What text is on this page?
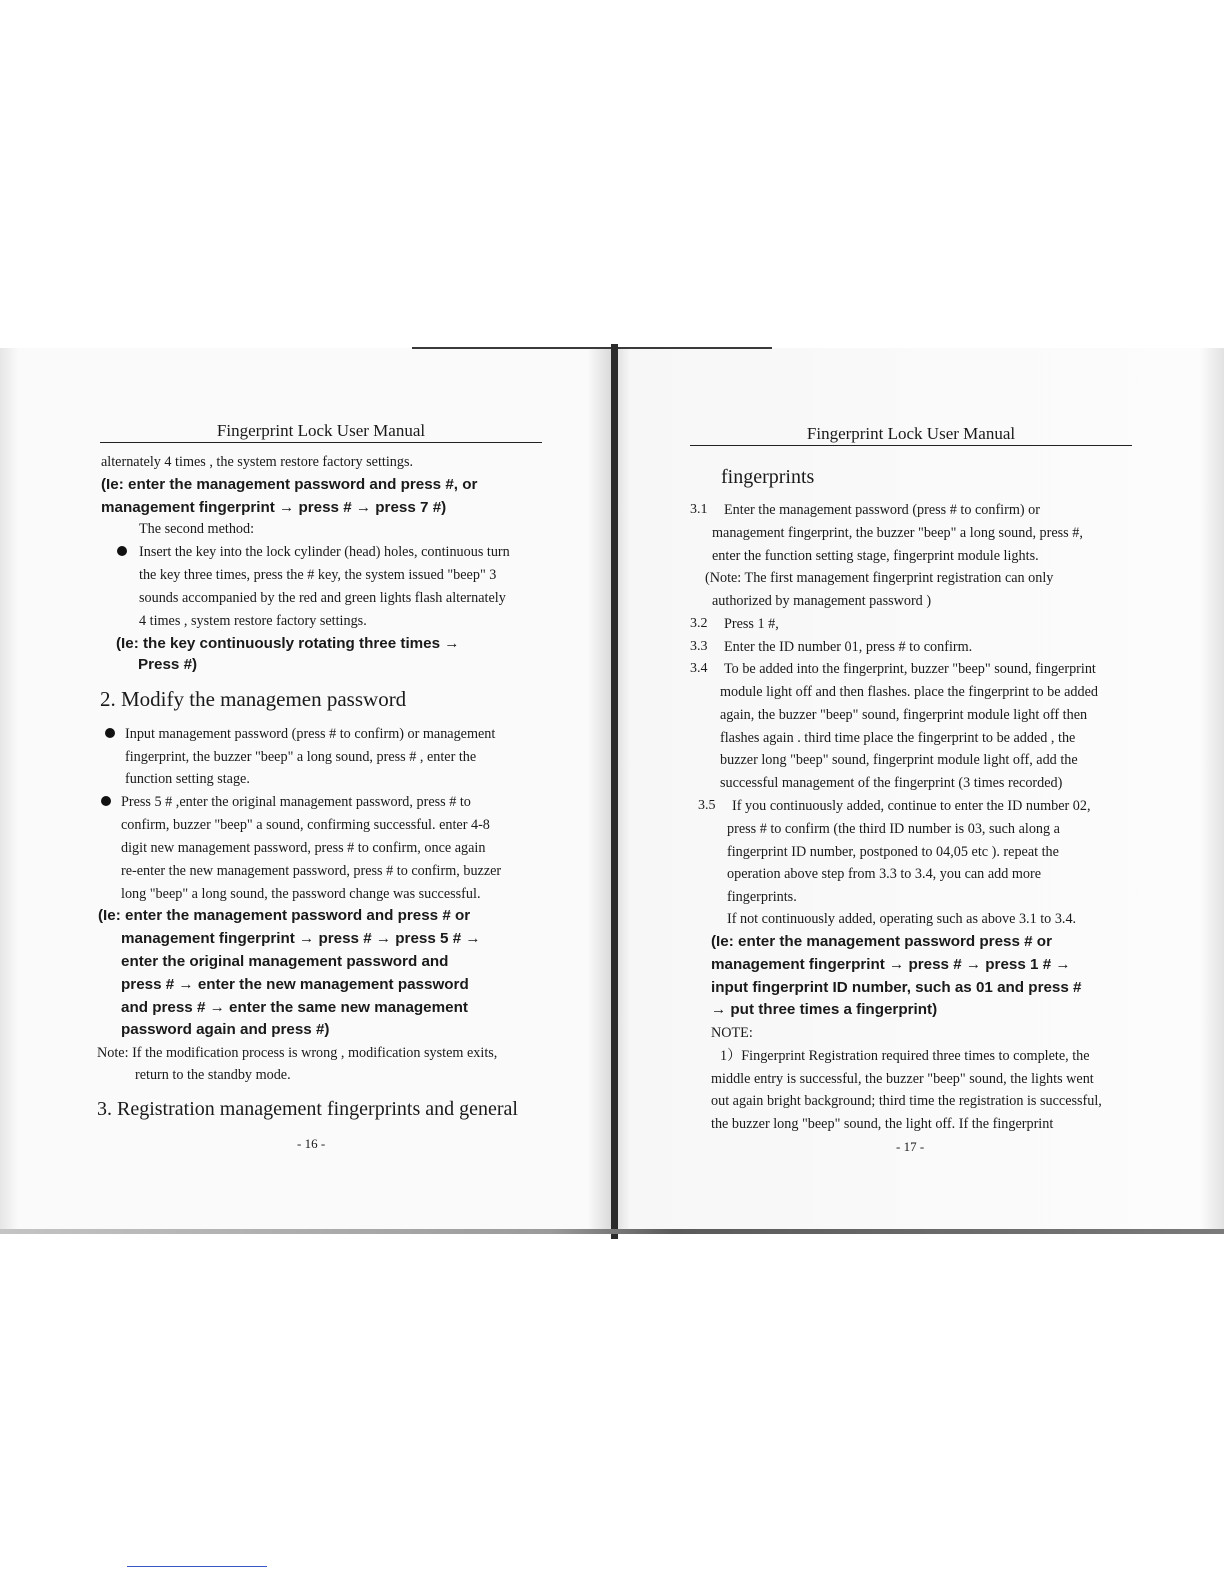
Fingerprint Lock User Manual
alternately 4 times , the system restore factory settings.
(Ie: enter the management password and press #, or
management fingerprint → press # → press 7 #)
The second method:
Insert the key into the lock cylinder (head) holes, continuous turn
the key three times, press the # key, the system issued "beep" 3
sounds accompanied by the red and green lights flash alternately
4 times , system restore factory settings.
(Ie: the key continuously rotating three times →
Press #)
2. Modify the managemen password
Input management password (press # to confirm) or management
fingerprint, the buzzer "beep" a long sound, press # , enter the
function setting stage.
Press 5 # ,enter the original management password, press # to
confirm, buzzer "beep" a sound, confirming successful. enter 4-8
digit new management password, press # to confirm, once again
re-enter the new management password, press # to confirm, buzzer
long "beep" a long sound, the password change was successful.
(Ie: enter the management password and press # or
management fingerprint → press # → press 5 # →
enter the original management password and
press # → enter the new management password
and press # → enter the same new management
password again and press #)
Note: If the modification process is wrong , modification system exits,
return to the standby mode.
3. Registration management fingerprints and general
- 16 -
Fingerprint Lock User Manual
fingerprints
3.1 Enter the management password (press # to confirm) or
management fingerprint, the buzzer "beep" a long sound, press #,
enter the function setting stage, fingerprint module lights.
(Note: The first management fingerprint registration can only
authorized by management password )
3.2 Press 1 #,
3.3 Enter the ID number 01, press # to confirm.
3.4 To be added into the fingerprint, buzzer "beep" sound, fingerprint
module light off and then flashes. place the fingerprint to be added
again, the buzzer "beep" sound, fingerprint module light off then
flashes again . third time place the fingerprint to be added , the
buzzer long "beep" sound, fingerprint module light off, add the
successful management of the fingerprint (3 times recorded)
3.5 If you continuously added, continue to enter the ID number 02,
press # to confirm (the third ID number is 03, such along a
fingerprint ID number, postponed to 04,05 etc ). repeat the
operation above step from 3.3 to 3.4, you can add more
fingerprints.
If not continuously added, operating such as above 3.1 to 3.4.
(Ie: enter the management password press # or
management fingerprint → press # → press 1 # →
input fingerprint ID number, such as 01 and press #
→ put three times a fingerprint)
NOTE:
1）Fingerprint Registration required three times to complete, the
middle entry is successful, the buzzer "beep" sound, the lights went
out again bright background; third time the registration is successful,
the buzzer long "beep" sound, the light off. If the fingerprint
- 17 -
